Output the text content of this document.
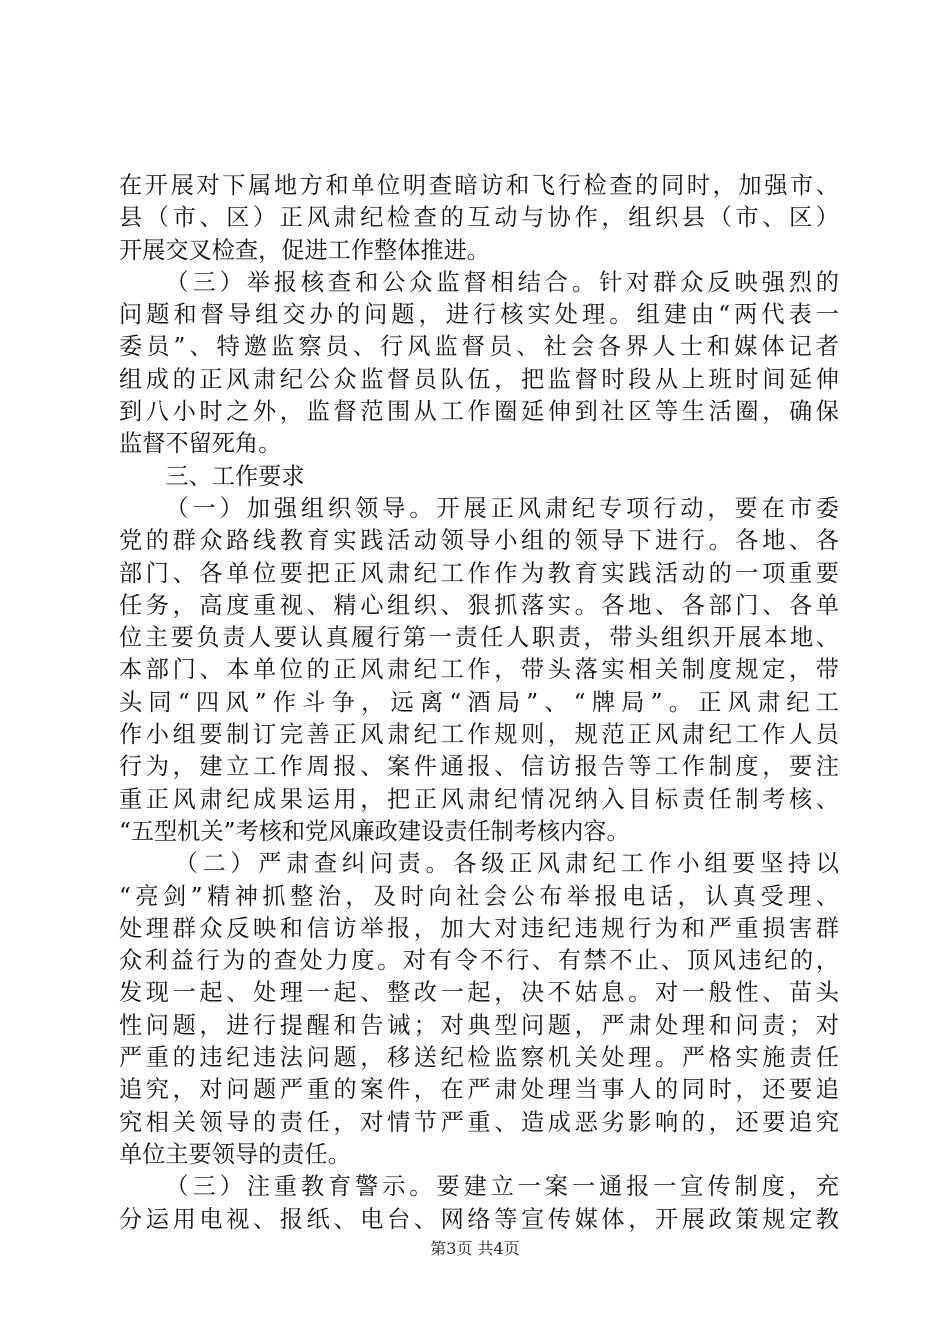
在开展对下属地方和单位明查暗访和飞行检查的同时，加强市、
县（市、区）正风肃纪检查的互动与协作，组织县（市、区）
开展交叉检查，促进工作整体推进。
（三）举报核查和公众监督相结合。针对群众反映强烈的
问题和督导组交办的问题，进行核实处理。组建由“两代表一
委员”、特邀监察员、行风监督员、社会各界人士和媒体记者
组成的正风肃纪公众监督员队伍，把监督时段从上班时间延伸
到八小时之外，监督范围从工作圈延伸到社区等生活圈，确保
监督不留死角。
三、工作要求
（一）加强组织领导。开展正风肃纪专项行动，要在市委
党的群众路线教育实践活动领导小组的领导下进行。各地、各
部门、各单位要把正风肃纪工作作为教育实践活动的一项重要
任务，高度重视、精心组织、狠抓落实。各地、各部门、各单
位主要负责人要认真履行第一责任人职责，带头组织开展本地、
本部门、本单位的正风肃纪工作，带头落实相关制度规定，带
头同“四风”作斗争，远离“酒局”、“牌局”。正风肃纪工
作小组要制订完善正风肃纪工作规则，规范正风肃纪工作人员
行为，建立工作周报、案件通报、信访报告等工作制度，要注
重正风肃纪成果运用，把正风肃纪情况纳入目标责任制考核、
“五型机关”考核和党风廉政建设责任制考核内容。
（二）严肃查纠问责。各级正风肃纪工作小组要坚持以
“亮剑”精神抓整治，及时向社会公布举报电话，认真受理、
处理群众反映和信访举报，加大对违纪违规行为和严重损害群
众利益行为的查处力度。对有令不行、有禁不止、顶风违纪的，
发现一起、处理一起、整改一起，决不姑息。对一般性、苗头
性问题，进行提醒和告诫；对典型问题，严肃处理和问责；对
严重的违纪违法问题，移送纪检监察机关处理。严格实施责任
追究，对问题严重的案件，在严肃处理当事人的同时，还要追
究相关领导的责任，对情节严重、造成恶劣影响的，还要追究
单位主要领导的责任。
（三）注重教育警示。要建立一案一通报一宣传制度，充
分运用电视、报纸、电台、网络等宣传媒体，开展政策规定教
第3页 共4页
